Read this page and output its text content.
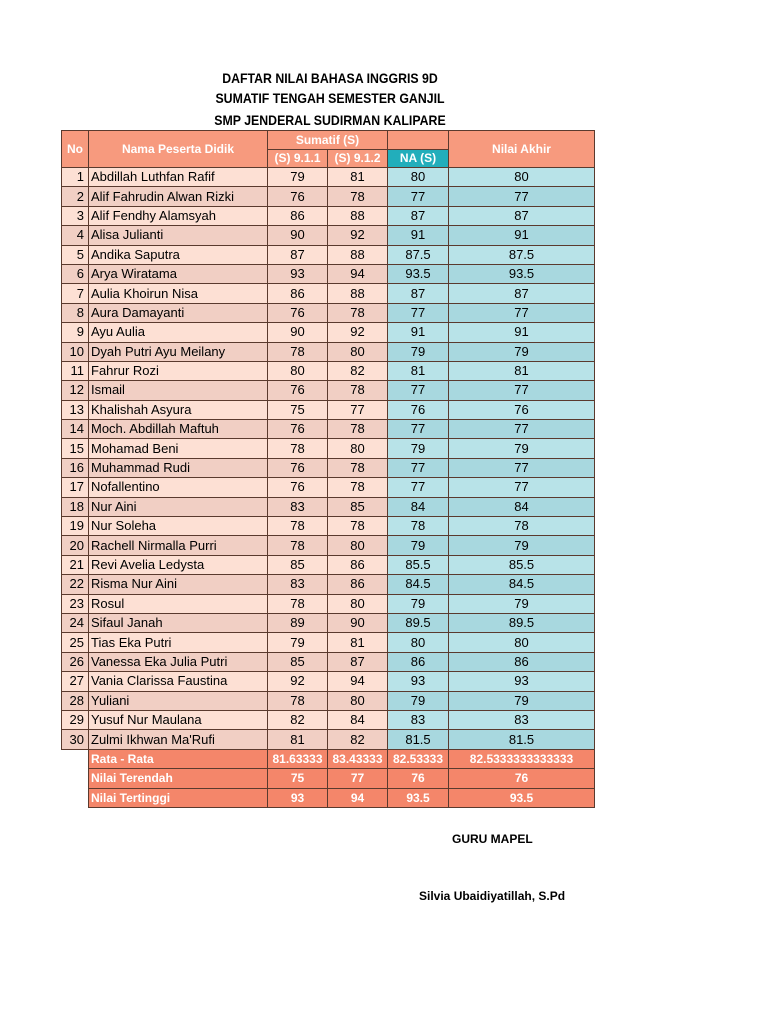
DAFTAR NILAI BAHASA INGGRIS 9D
SUMATIF TENGAH SEMESTER GANJIL
SMP JENDERAL SUDIRMAN KALIPARE
No	Nama Peserta Didik	Sumatif (S)			Nilai Akhir
		(S) 9.1.1	(S) 9.1.2	NA (S)	
1	Abdillah Luthfan Rafif	79	81	80	80
2	Alif Fahrudin Alwan Rizki	76	78	77	77
3	Alif Fendhy Alamsyah	86	88	87	87
4	Alisa Julianti	90	92	91	91
5	Andika Saputra	87	88	87.5	87.5
6	Arya Wiratama	93	94	93.5	93.5
7	Aulia Khoirun Nisa	86	88	87	87
8	Aura Damayanti	76	78	77	77
9	Ayu Aulia	90	92	91	91
10	Dyah Putri Ayu Meilany	78	80	79	79
11	Fahrur Rozi	80	82	81	81
12	Ismail	76	78	77	77
13	Khalishah Asyura	75	77	76	76
14	Moch. Abdillah Maftuh	76	78	77	77
15	Mohamad Beni	78	80	79	79
16	Muhammad Rudi	76	78	77	77
17	Nofallentino	76	78	77	77
18	Nur Aini	83	85	84	84
19	Nur Soleha	78	78	78	78
20	Rachell Nirmalla Purri	78	80	79	79
21	Revi Avelia Ledysta	85	86	85.5	85.5
22	Risma Nur Aini	83	86	84.5	84.5
23	Rosul	78	80	79	79
24	Sifaul Janah	89	90	89.5	89.5
25	Tias Eka Putri	79	81	80	80
26	Vanessa Eka Julia Putri	85	87	86	86
27	Vania Clarissa Faustina	92	94	93	93
28	Yuliani	78	80	79	79
29	Yusuf Nur Maulana	82	84	83	83
30	Zulmi Ikhwan Ma'Rufi	81	82	81.5	81.5
	Rata - Rata	81.63333	83.43333	82.53333	82.5333333333333
	Nilai Terendah	75	77	76	76
	Nilai Tertinggi	93	94	93.5	93.5
GURU MAPEL
Silvia Ubaidiyatillah, S.Pd
